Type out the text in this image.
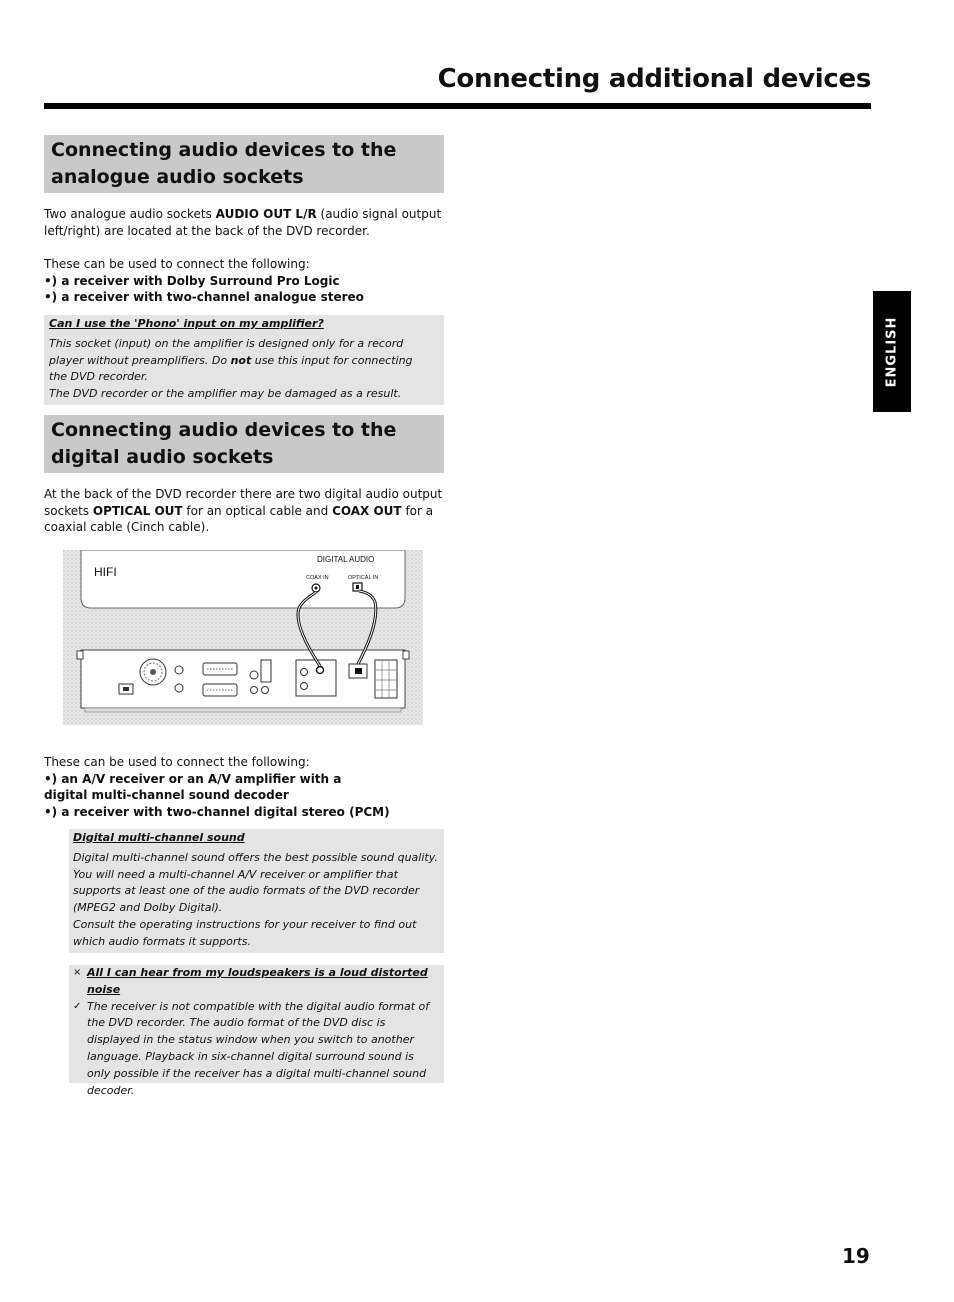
Connecting additional devices
ENGLISH
Connecting audio devices to the analogue audio sockets

Two analogue audio sockets AUDIO OUT L/R (audio signal output left/right) are located at the back of the DVD recorder.

These can be used to connect the following:
•) a receiver with Dolby Surround Pro Logic
•) a receiver with two-channel analogue stereo
Can I use the 'Phono' input on my amplifier?

This socket (input) on the amplifier is designed only for a record player without preamplifiers. Do not use this input for connecting the DVD recorder.

The DVD recorder or the amplifier may be damaged as a result.

Connecting audio devices to the digital audio sockets

At the back of the DVD recorder there are two digital audio output sockets OPTICAL OUT for an optical cable and COAX OUT for a coaxial cable (Cinch cable).

HIFI
DIGITAL AUDIO
COAX IN	OPTICAL IN
These can be used to connect the following:
•) an A/V receiver or an A/V amplifier with a digital multi-channel sound decoder
•) a receiver with two-channel digital stereo (PCM)
Digital multi-channel sound

Digital multi-channel sound offers the best possible sound quality. You will need a multi-channel A/V receiver or amplifier that supports at least one of the audio formats of the DVD recorder (MPEG2 and Dolby Digital).

Consult the operating instructions for your receiver to find out which audio formats it supports.

× All I can hear from my loudspeakers is a loud distorted noise
✓ The receiver is not compatible with the digital audio format of the DVD recorder. The audio format of the DVD disc is displayed in the status window when you switch to another language. Playback in six-channel digital surround sound is only possible if the receiver has a digital multi-channel sound decoder.
19
